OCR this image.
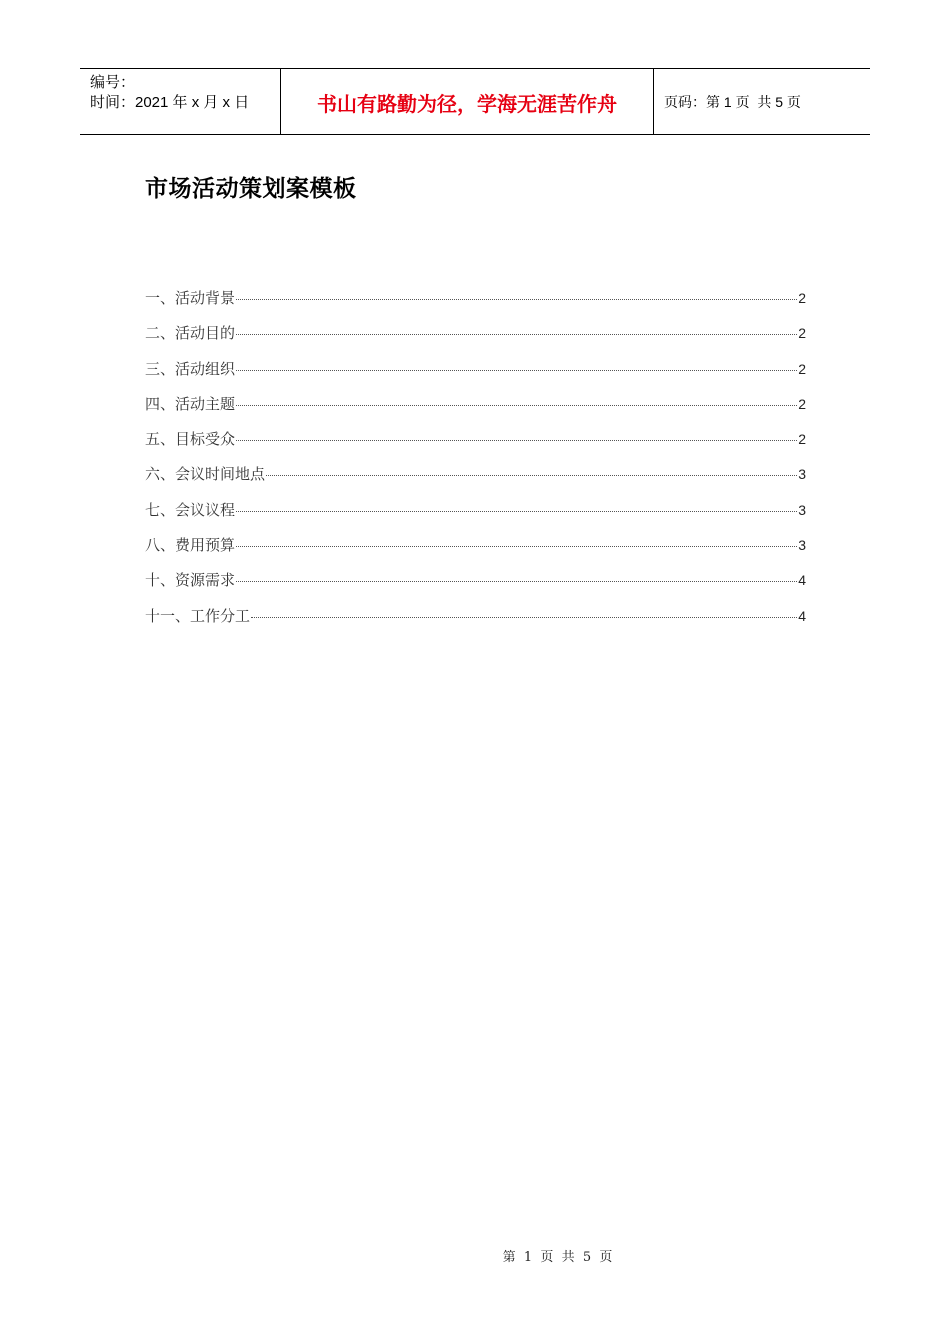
编号：
时间：2021 年 x 月 x 日	书山有路勤为径，学海无涯苦作舟	页码：第 1 页  共 5 页
市场活动策划案模板
一、活动背景	2
二、活动目的	2
三、活动组织	2
四、活动主题	2
五、目标受众	2
六、会议时间地点	3
七、会议议程	3
八、费用预算	3
十、资源需求	4
十一、工作分工	4
第  1  页  共  5  页
